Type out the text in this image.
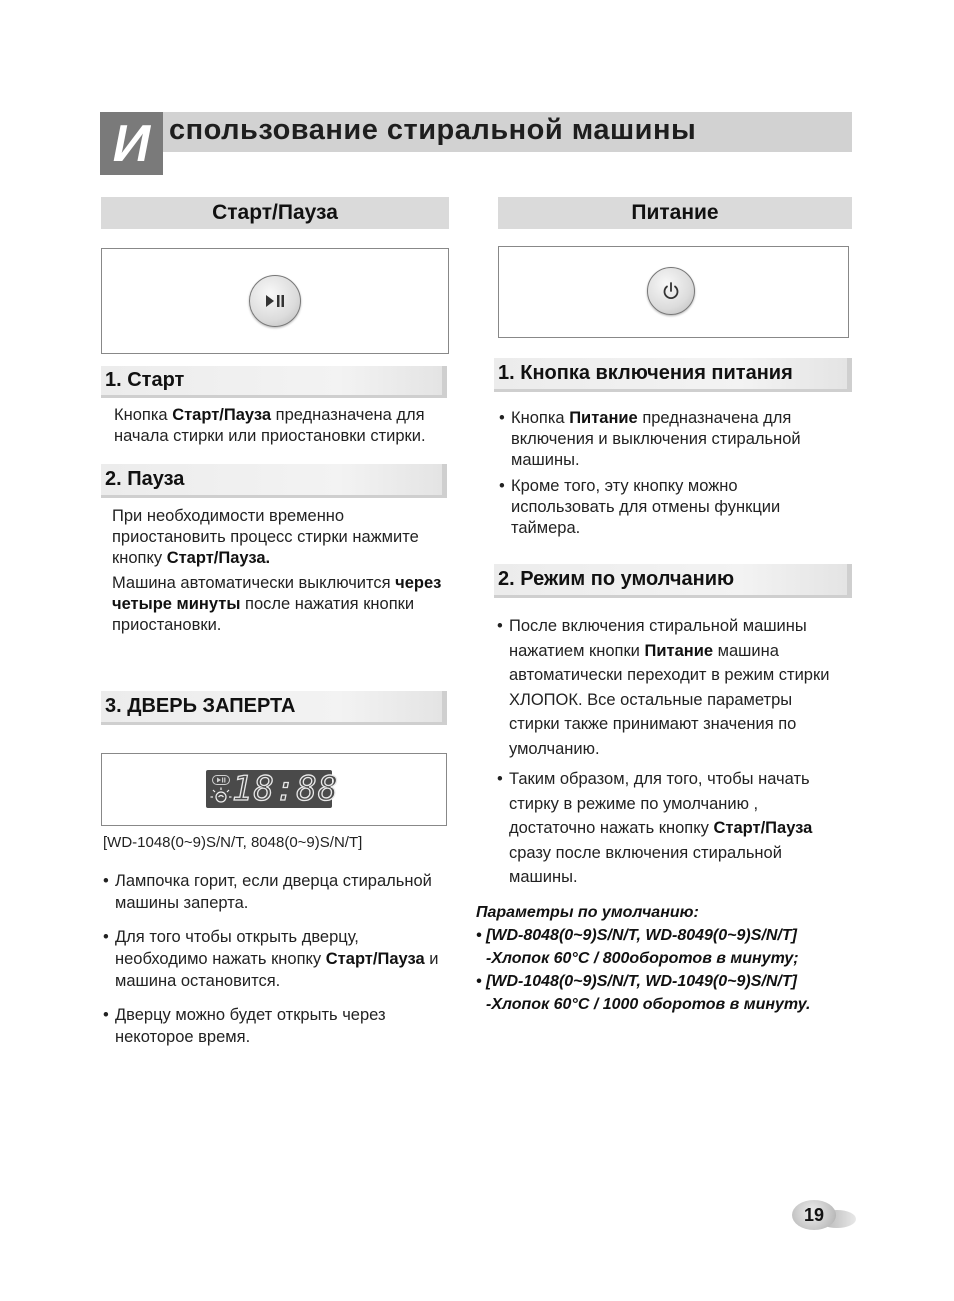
И спользование стиральной машины
Старт/Пауза
1. Старт
Кнопка Старт/Пауза предназначена для начала стирки или приостановки стирки.
2. Пауза
При необходимости временно приостановить процесс стирки нажмите кнопку Старт/Пауза.
Машина автоматически выключится через четыре минуты после нажатия кнопки приостановки.
3. ДВЕРЬ ЗАПЕРТА
18:88
[WD-1048(0~9)S/N/T, 8048(0~9)S/N/T]
• Лампочка горит, если дверца стиральной машины заперта.
• Для того чтобы открыть дверцу, необходимо нажать кнопку Старт/Пауза и машина остановится.
• Дверцу можно будет открыть через некоторое время.
Питание
1. Кнопка включения питания
• Кнопка Питание предназначена для включения и выключения стиральной машины.
• Кроме того, эту кнопку можно использовать для отмены функции таймера.
2. Режим по умолчанию
• После включения стиральной машины нажатием кнопки Питание машина автоматически переходит в режим стирки ХЛОПОК. Все остальные параметры стирки также принимают значения по умолчанию.
• Таким образом, для того, чтобы начать стирку в режиме по умолчанию , достаточно нажать кнопку Старт/Пауза сразу после включения стиральной машины.
Параметры по умолчанию:
• [WD-8048(0~9)S/N/T, WD-8049(0~9)S/N/T]
-Хлопок 60°C / 800оборотов в минуту;
• [WD-1048(0~9)S/N/T, WD-1049(0~9)S/N/T]
-Хлопок 60°C / 1000 оборотов в минуту.
19
